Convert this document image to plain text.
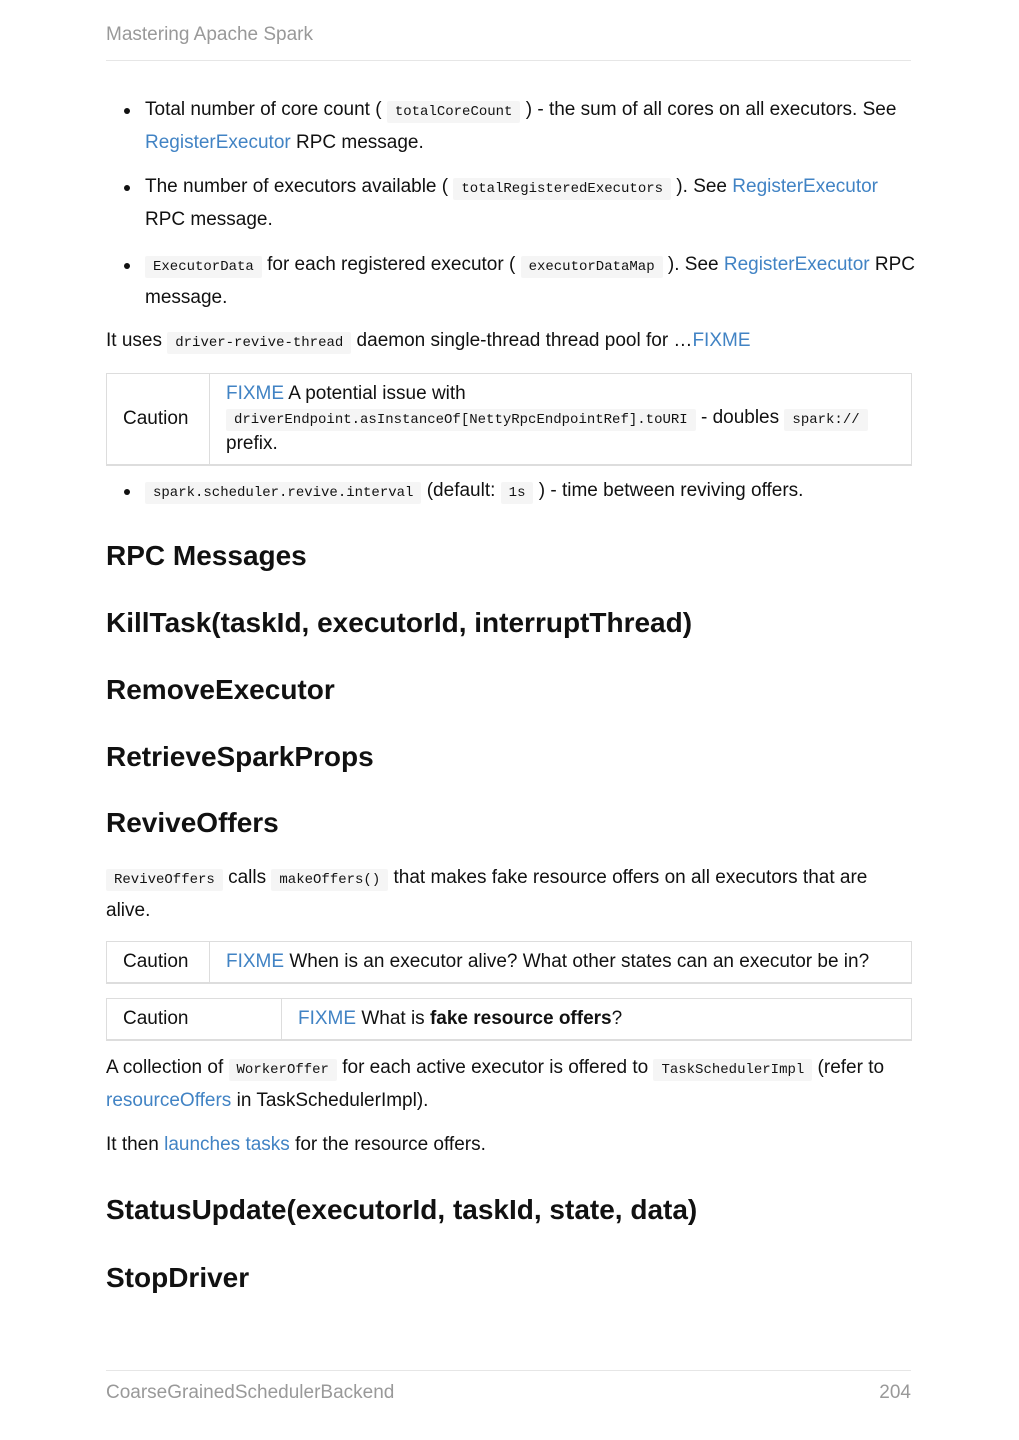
Mastering Apache Spark
Total number of core count ( totalCoreCount ) - the sum of all cores on all executors. See RegisterExecutor RPC message.
The number of executors available ( totalRegisteredExecutors ). See RegisterExecutor RPC message.
ExecutorData for each registered executor ( executorDataMap ). See RegisterExecutor RPC message.
It uses driver-revive-thread daemon single-thread thread pool for …FIXME
Caution	FIXME A potential issue with driverEndpoint.asInstanceOf[NettyRpcEndpointRef].toURI - doubles spark:// prefix.
spark.scheduler.revive.interval (default: 1s ) - time between reviving offers.
RPC Messages
KillTask(taskId, executorId, interruptThread)
RemoveExecutor
RetrieveSparkProps
ReviveOffers
ReviveOffers calls makeOffers() that makes fake resource offers on all executors that are alive.
Caution	FIXME When is an executor alive? What other states can an executor be in?
Caution	FIXME What is fake resource offers?
A collection of WorkerOffer for each active executor is offered to TaskSchedulerImpl (refer to resourceOffers in TaskSchedulerImpl).
It then launches tasks for the resource offers.
StatusUpdate(executorId, taskId, state, data)
StopDriver
CoarseGrainedSchedulerBackend	204
